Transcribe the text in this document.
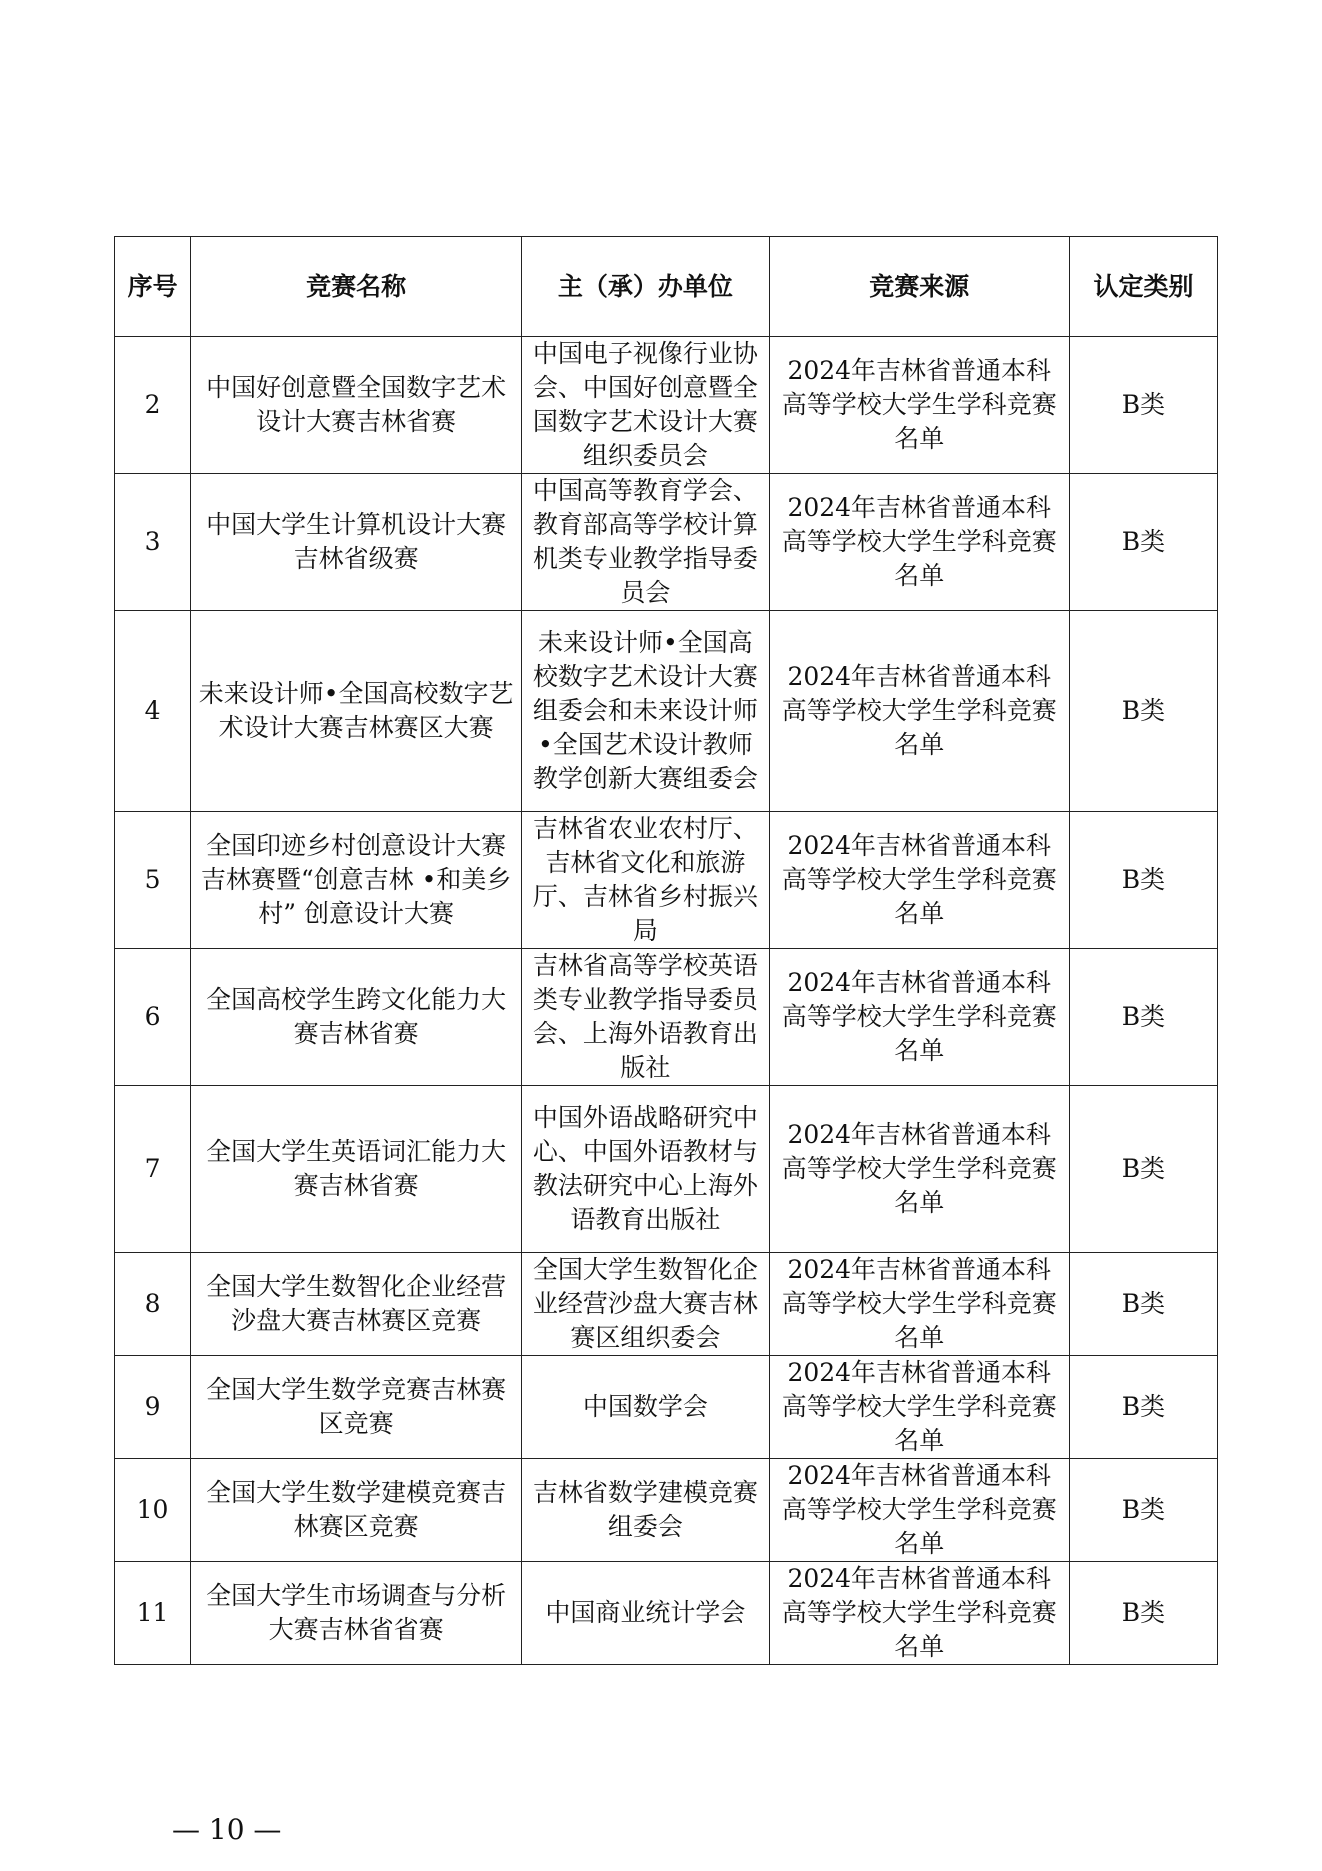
序号	竞赛名称	主（承）办单位	竞赛来源	认定类别
2	中国好创意暨全国数字艺术设计大赛吉林省赛	中国电子视像行业协会、中国好创意暨全国数字艺术设计大赛组织委员会	2024年吉林省普通本科高等学校大学生学科竞赛名单	B类
3	中国大学生计算机设计大赛吉林省级赛	中国高等教育学会、教育部高等学校计算机类专业教学指导委员会	2024年吉林省普通本科高等学校大学生学科竞赛名单	B类
4	未来设计师•全国高校数字艺术设计大赛吉林赛区大赛	未来设计师•全国高校数字艺术设计大赛组委会和未来设计师•全国艺术设计教师教学创新大赛组委会	2024年吉林省普通本科高等学校大学生学科竞赛名单	B类
5	全国印迹乡村创意设计大赛吉林赛暨“创意吉林 •和美乡村” 创意设计大赛	吉林省农业农村厅、吉林省文化和旅游厅、吉林省乡村振兴局	2024年吉林省普通本科高等学校大学生学科竞赛名单	B类
6	全国高校学生跨文化能力大赛吉林省赛	吉林省高等学校英语类专业教学指导委员会、上海外语教育出版社	2024年吉林省普通本科高等学校大学生学科竞赛名单	B类
7	全国大学生英语词汇能力大赛吉林省赛	中国外语战略研究中心、中国外语教材与教法研究中心上海外语教育出版社	2024年吉林省普通本科高等学校大学生学科竞赛名单	B类
8	全国大学生数智化企业经营沙盘大赛吉林赛区竞赛	全国大学生数智化企业经营沙盘大赛吉林赛区组织委会	2024年吉林省普通本科高等学校大学生学科竞赛名单	B类
9	全国大学生数学竞赛吉林赛区竞赛	中国数学会	2024年吉林省普通本科高等学校大学生学科竞赛名单	B类
10	全国大学生数学建模竞赛吉林赛区竞赛	吉林省数学建模竞赛组委会	2024年吉林省普通本科高等学校大学生学科竞赛名单	B类
11	全国大学生市场调查与分析大赛吉林省省赛	中国商业统计学会	2024年吉林省普通本科高等学校大学生学科竞赛名单	B类
— 10 —
